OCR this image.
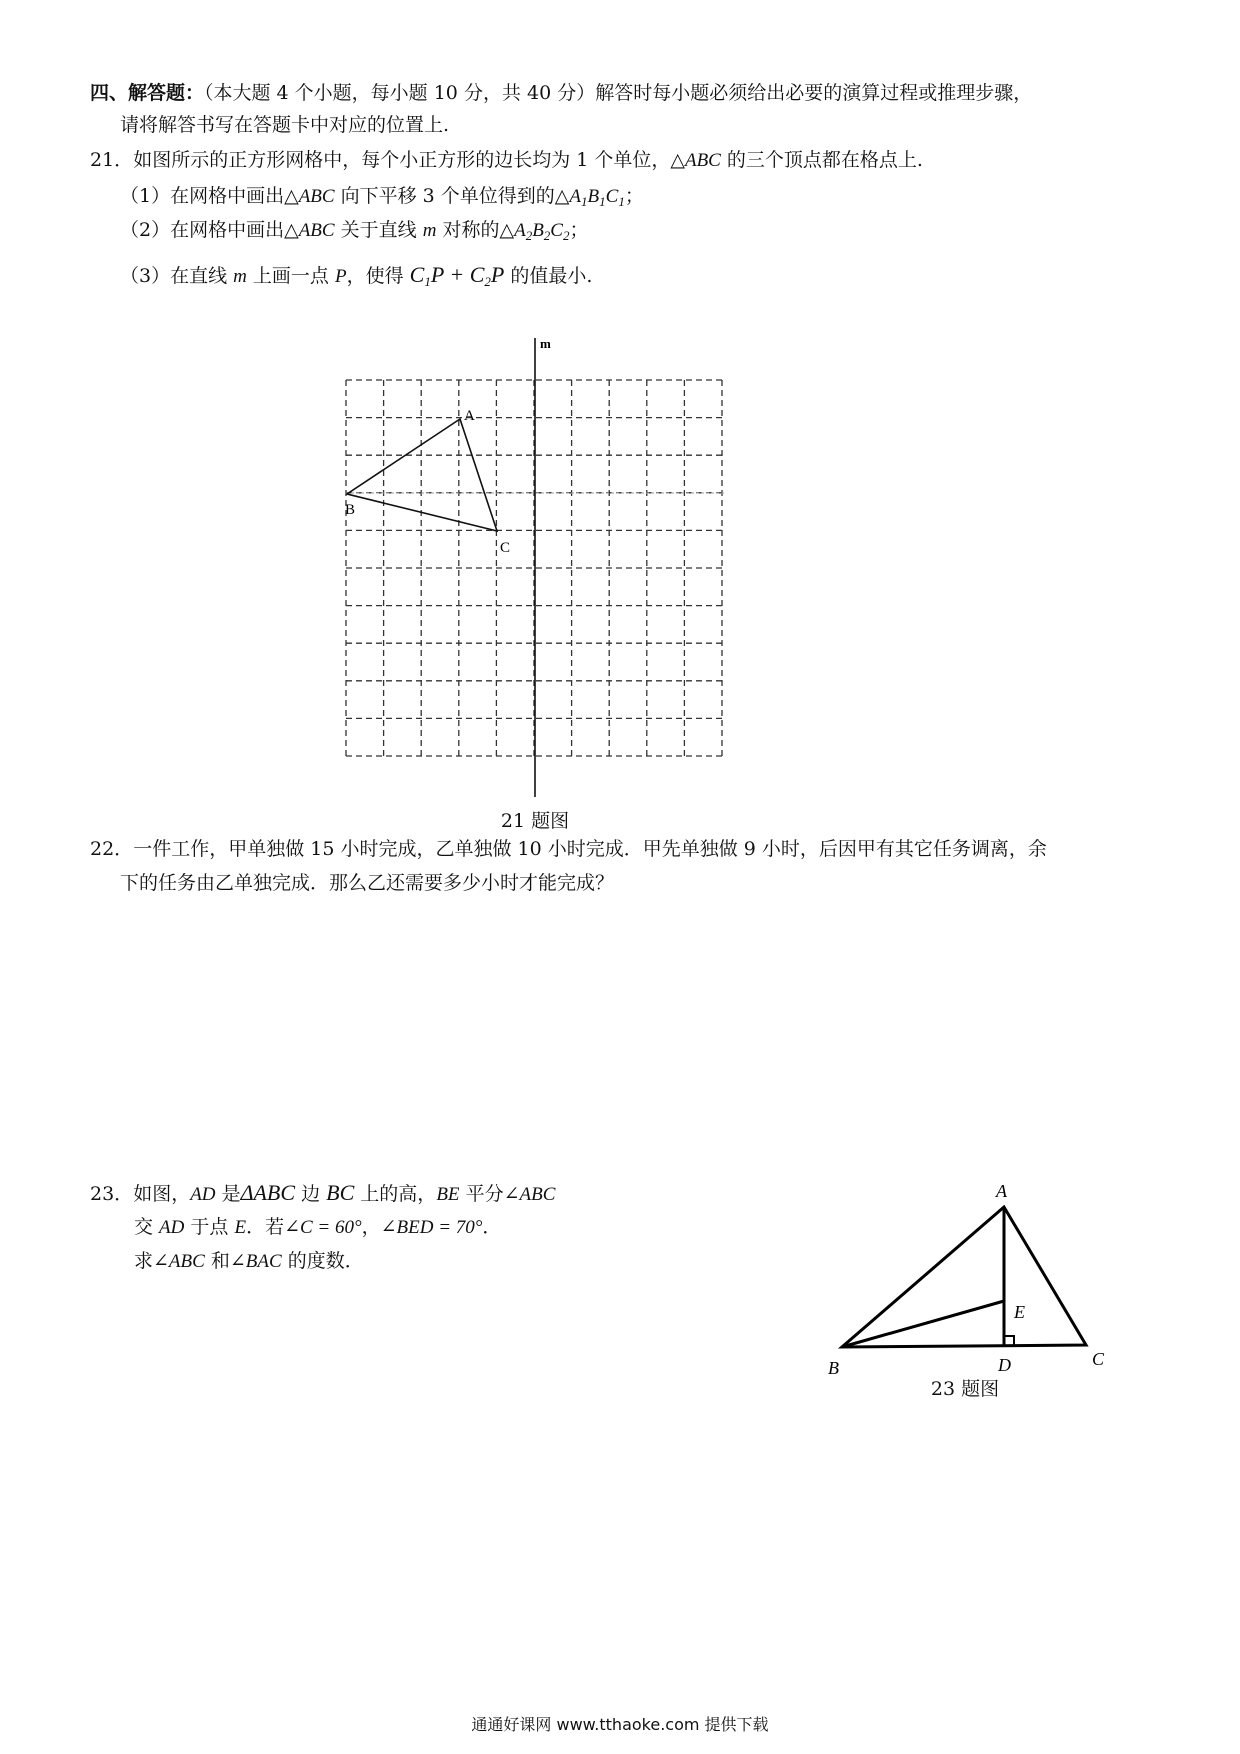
四、解答题：（本大题 4 个小题，每小题 10 分，共 40 分）解答时每小题必须给出必要的演算过程或推理步骤，
请将解答书写在答题卡中对应的位置上.
21．如图所示的正方形网格中，每个小正方形的边长均为 1 个单位，△ABC 的三个顶点都在格点上.
（1）在网格中画出△ABC 向下平移 3 个单位得到的$\triangle A_1B_1C_1$；
（2）在网格中画出△ABC 关于直线 m 对称的$\triangle A_2B_2C_2$；
（3）在直线 m 上画一点 P，使得 $C_1P + C_2P$ 的值最小.
m
A
B
C
21 题图
22．一件工作，甲单独做 15 小时完成，乙单独做 10 小时完成．甲先单独做 9 小时，后因甲有其它任务调离，余
下的任务由乙单独完成．那么乙还需要多少小时才能完成？
23．如图，AD 是ΔABC 边 BC 上的高，BE 平分∠ABC
交 AD 于点 E．若∠C = 60°，∠BED = 70°．
求∠ABC 和∠BAC 的度数．
A
E
B	D	C
23 题图
通通好课网 www.tthaoke.com 提供下载
